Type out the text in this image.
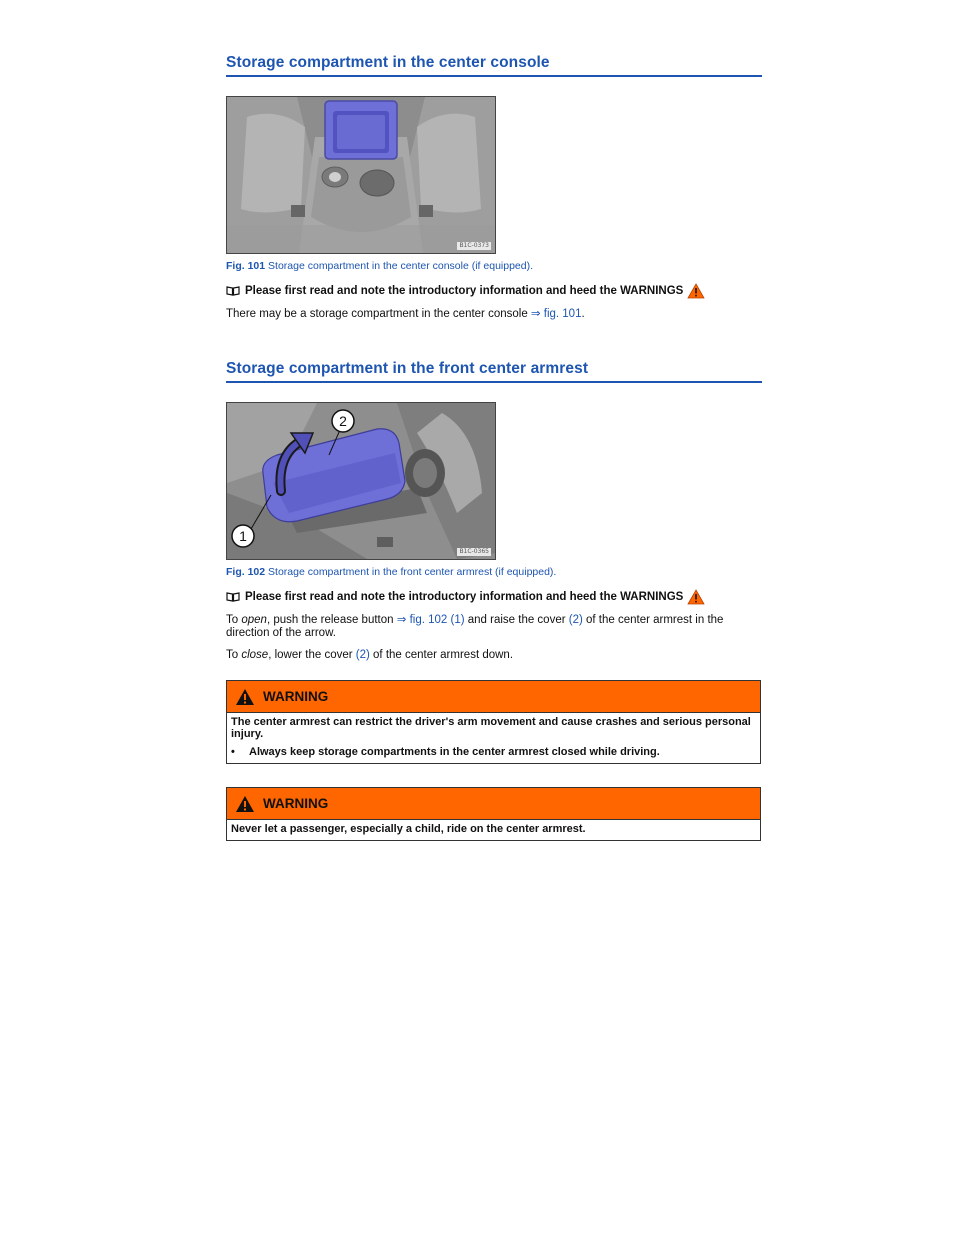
Storage compartment in the center console
B1C-0373
Fig. 101 Storage compartment in the center console (if equipped).
Please first read and note the introductory information and heed the WARNINGS
There may be a storage compartment in the center console ⇒ fig. 101.
Storage compartment in the front center armrest
2
1
B1C-0365
Fig. 102 Storage compartment in the front center armrest (if equipped).
Please first read and note the introductory information and heed the WARNINGS
To open, push the release button ⇒ fig. 102 (1) and raise the cover (2) of the center armrest in the direction of the arrow.
To close, lower the cover (2) of the center armrest down.
WARNING
The center armrest can restrict the driver's arm movement and cause crashes and serious personal injury.
•	Always keep storage compartments in the center armrest closed while driving.
WARNING
Never let a passenger, especially a child, ride on the center armrest.
